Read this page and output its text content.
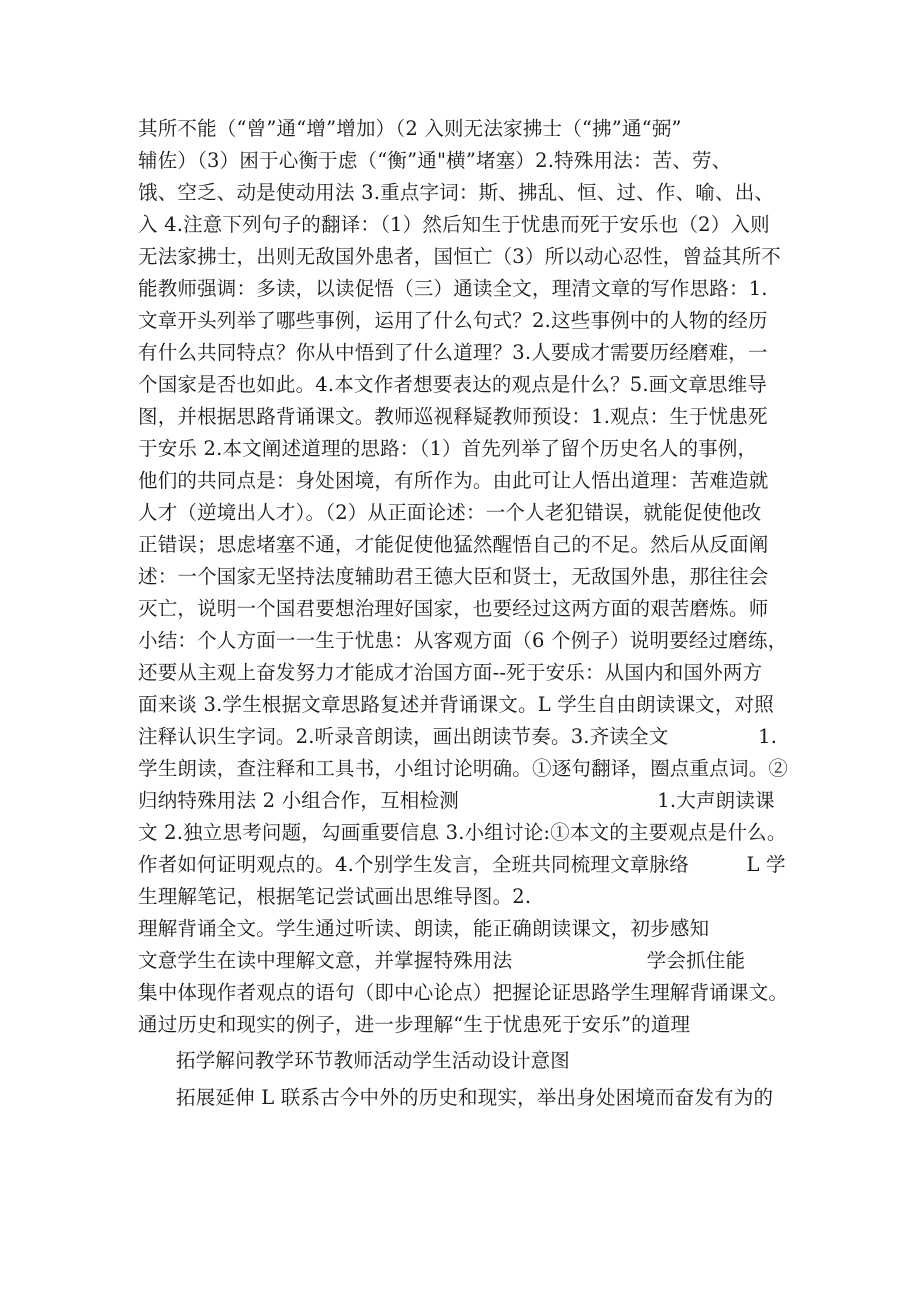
其所不能（“曾”通“增”增加）（2 入则无法家拂士（“拂”通“弼”
辅佐）（3）困于心衡于虑（“衡”通"横”堵塞）2.特殊用法：苦、劳、
饿、空乏、动是使动用法 3.重点字词：斯、拂乱、恒、过、作、喻、出、
入 4.注意下列句子的翻译：（1）然后知生于忧患而死于安乐也（2）入则
无法家拂士，出则无敌国外患者，国恒亡（3）所以动心忍性，曾益其所不
能教师强调：多读，以读促悟（三）通读全文，理清文章的写作思路：1.
文章开头列举了哪些事例，运用了什么句式？2.这些事例中的人物的经历
有什么共同特点？你从中悟到了什么道理？3.人要成才需要历经磨难，一
个国家是否也如此。4.本文作者想要表达的观点是什么？5.画文章思维导
图，并根据思路背诵课文。教师巡视释疑教师预设：1.观点：生于忧患死
于安乐 2.本文阐述道理的思路：（1）首先列举了留个历史名人的事例，
他们的共同点是：身处困境，有所作为。由此可让人悟出道理：苦难造就
人才（逆境出人才）。（2）从正面论述：一个人老犯错误，就能促使他改
正错误；思虑堵塞不通，才能促使他猛然醒悟自己的不足。然后从反面阐
述：一个国家无坚持法度辅助君王德大臣和贤士，无敌国外患，那往往会
灭亡，说明一个国君要想治理好国家，也要经过这两方面的艰苦磨炼。师
小结：个人方面一一生于忧患：从客观方面（6 个例子）说明要经过磨练，
还要从主观上奋发努力才能成才治国方面--死于安乐：从国内和国外两方
面来谈 3.学生根据文章思路复述并背诵课文。L 学生自由朗读课文，对照
注释认识生字词。2.听录音朗读，画出朗读节奏。3.齐读全文              1.
学生朗读，查注释和工具书，小组讨论明确。①逐句翻译，圈点重点词。②
归纳特殊用法 2 小组合作，互相检测                               1.大声朗读课
文 2.独立思考问题，勾画重要信息 3.小组讨论:①本文的主要观点是什么。
作者如何证明观点的。4.个别学生发言，全班共同梳理文章脉络         L 学
生理解笔记，根据笔记尝试画出思维导图。2.
理解背诵全文。学生通过听读、朗读，能正确朗读课文，初步感知
文意学生在读中理解文意，并掌握特殊用法                     学会抓住能
集中体现作者观点的语句（即中心论点）把握论证思路学生理解背诵课文。
通过历史和现实的例子，进一步理解“生于忧患死于安乐”的道理
拓学解问教学环节教师活动学生活动设计意图
拓展延伸 L 联系古今中外的历史和现实，举出身处困境而奋发有为的
